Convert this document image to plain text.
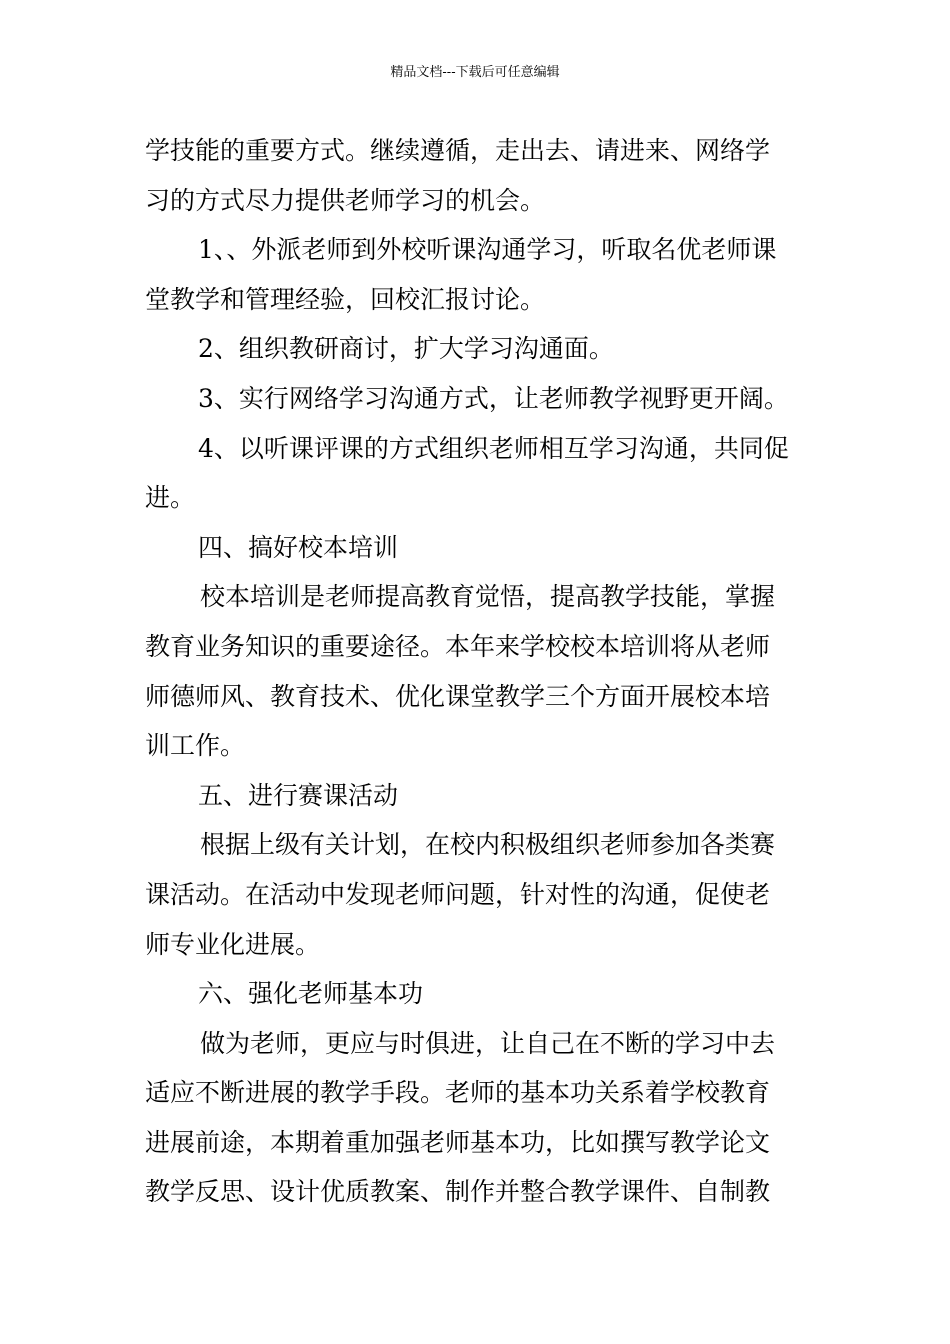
精品文档---下载后可任意编辑
学技能的重要方式。继续遵循，走出去、请进来、网络学
习的方式尽力提供老师学习的机会。
1、、外派老师到外校听课沟通学习，听取名优老师课
堂教学和管理经验，回校汇报讨论。
2、组织教研商讨，扩大学习沟通面。
3、实行网络学习沟通方式，让老师教学视野更开阔。
4、以听课评课的方式组织老师相互学习沟通，共同促
进。
四、搞好校本培训
校本培训是老师提高教育觉悟，提高教学技能，掌握
教育业务知识的重要途径。本年来学校校本培训将从老师
师德师风、教育技术、优化课堂教学三个方面开展校本培
训工作。
五、进行赛课活动
根据上级有关计划，在校内积极组织老师参加各类赛
课活动。在活动中发现老师问题，针对性的沟通，促使老
师专业化进展。
六、强化老师基本功
做为老师，更应与时俱进，让自己在不断的学习中去
适应不断进展的教学手段。老师的基本功关系着学校教育
进展前途，本期着重加强老师基本功，比如撰写教学论文
教学反思、设计优质教案、制作并整合教学课件、自制教
